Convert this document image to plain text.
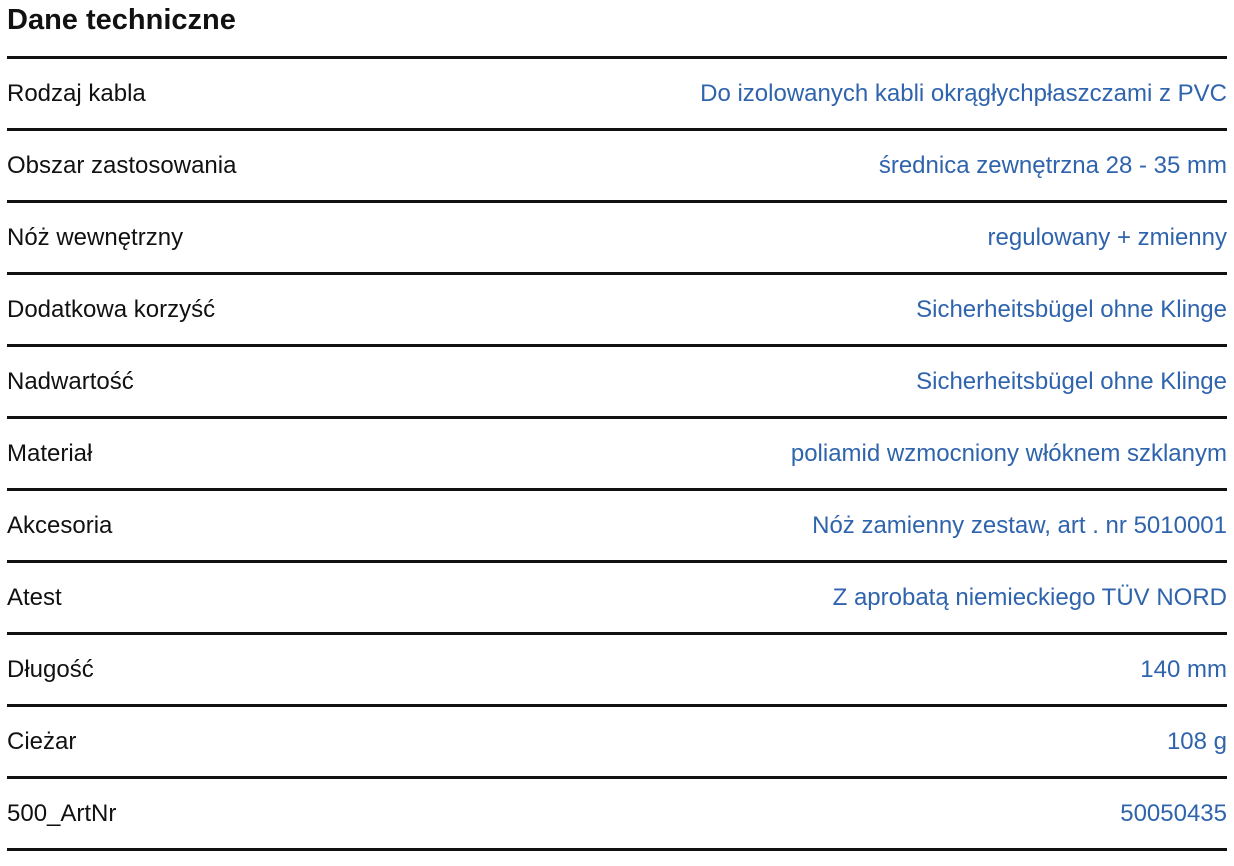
Dane techniczne
Rodzaj kabla	Do izolowanych kabli okrągłychpłaszczami z PVC
Obszar zastosowania	średnica zewnętrzna 28 - 35 mm
Nóż wewnętrzny	regulowany + zmienny
Dodatkowa korzyść	Sicherheitsbügel ohne Klinge
Nadwartość	Sicherheitsbügel ohne Klinge
Materiał	poliamid wzmocniony włóknem szklanym
Akcesoria	Nóż zamienny zestaw, art . nr 5010001
Atest	Z aprobatą niemieckiego TÜV NORD
Długość	140 mm
Cieżar	108 g
500_ArtNr	50050435
